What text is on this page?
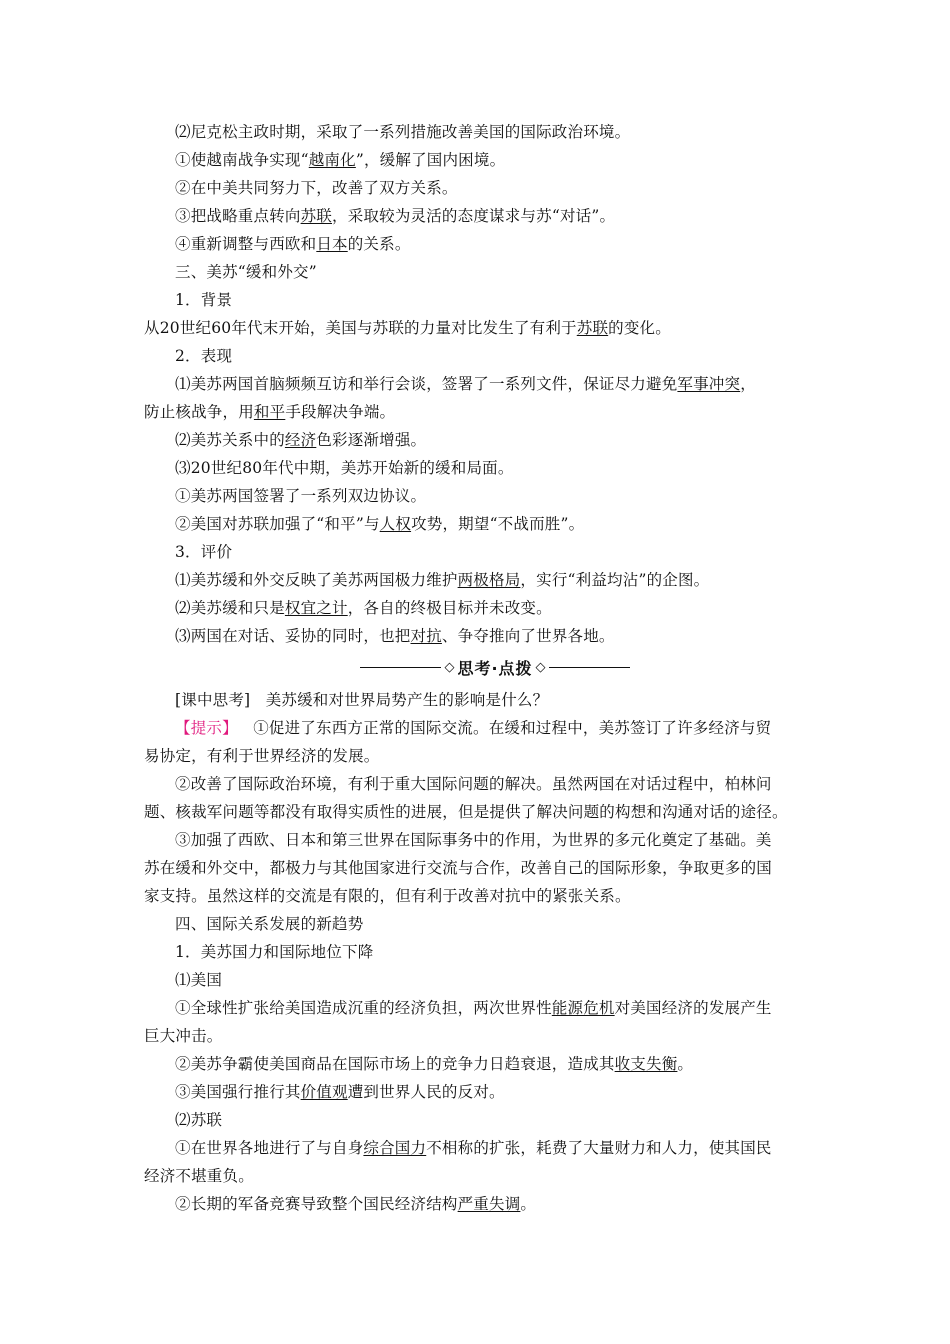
⑵尼克松主政时期，采取了一系列措施改善美国的国际政治环境。
①使越南战争实现“越南化”，缓解了国内困境。
②在中美共同努力下，改善了双方关系。
③把战略重点转向苏联，采取较为灵活的态度谋求与苏“对话”。
④重新调整与西欧和日本的关系。
三、美苏“缓和外交”
1．背景
从20世纪60年代末开始，美国与苏联的力量对比发生了有利于苏联的变化。
2．表现
⑴美苏两国首脑频频互访和举行会谈，签署了一系列文件，保证尽力避免军事冲突，
防止核战争，用和平手段解决争端。
⑵美苏关系中的经济色彩逐渐增强。
⑶20世纪80年代中期，美苏开始新的缓和局面。
①美苏两国签署了一系列双边协议。
②美国对苏联加强了“和平”与人权攻势，期望“不战而胜”。
3．评价
⑴美苏缓和外交反映了美苏两国极力维护两极格局，实行“利益均沾”的企图。
⑵美苏缓和只是权宜之计，各自的终极目标并未改变。
⑶两国在对话、妥协的同时，也把对抗、争夺推向了世界各地。
◇ 思考·点拨 ◇
[课中思考] 美苏缓和对世界局势产生的影响是什么？
【提示】 ①促进了东西方正常的国际交流。在缓和过程中，美苏签订了许多经济与贸
易协定，有利于世界经济的发展。
②改善了国际政治环境，有利于重大国际问题的解决。虽然两国在对话过程中，柏林问
题、核裁军问题等都没有取得实质性的进展，但是提供了解决问题的构想和沟通对话的途径。
③加强了西欧、日本和第三世界在国际事务中的作用，为世界的多元化奠定了基础。美
苏在缓和外交中，都极力与其他国家进行交流与合作，改善自己的国际形象，争取更多的国
家支持。虽然这样的交流是有限的，但有利于改善对抗中的紧张关系。
四、国际关系发展的新趋势
1．美苏国力和国际地位下降
⑴美国
①全球性扩张给美国造成沉重的经济负担，两次世界性能源危机对美国经济的发展产生
巨大冲击。
②美苏争霸使美国商品在国际市场上的竞争力日趋衰退，造成其收支失衡。
③美国强行推行其价值观遭到世界人民的反对。
⑵苏联
①在世界各地进行了与自身综合国力不相称的扩张，耗费了大量财力和人力，使其国民
经济不堪重负。
②长期的军备竞赛导致整个国民经济结构严重失调。
